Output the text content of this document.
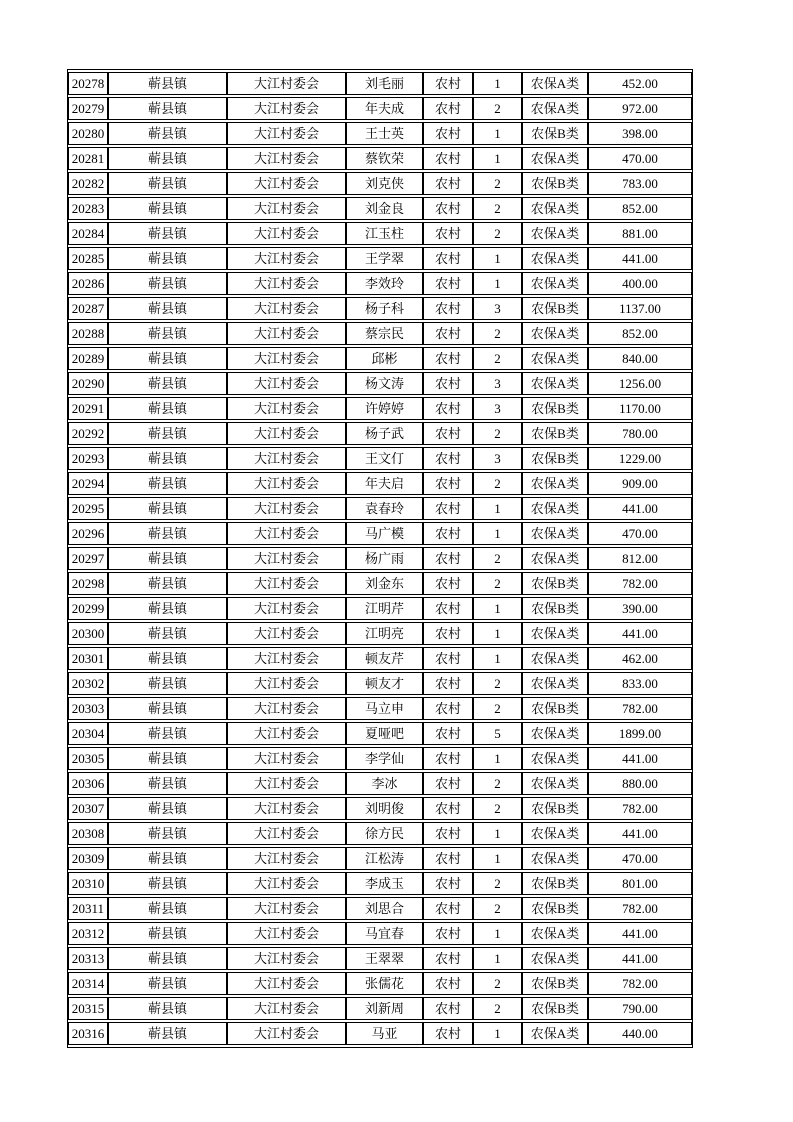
20278	蕲县镇	大江村委会	刘毛丽	农村	1	农保A类	452.00
20279	蕲县镇	大江村委会	年夫成	农村	2	农保A类	972.00
20280	蕲县镇	大江村委会	王士英	农村	1	农保B类	398.00
20281	蕲县镇	大江村委会	蔡钦荣	农村	1	农保A类	470.00
20282	蕲县镇	大江村委会	刘克侠	农村	2	农保B类	783.00
20283	蕲县镇	大江村委会	刘金良	农村	2	农保A类	852.00
20284	蕲县镇	大江村委会	江玉柱	农村	2	农保A类	881.00
20285	蕲县镇	大江村委会	王学翠	农村	1	农保A类	441.00
20286	蕲县镇	大江村委会	李效玲	农村	1	农保A类	400.00
20287	蕲县镇	大江村委会	杨子科	农村	3	农保B类	1137.00
20288	蕲县镇	大江村委会	蔡宗民	农村	2	农保A类	852.00
20289	蕲县镇	大江村委会	邱彬	农村	2	农保A类	840.00
20290	蕲县镇	大江村委会	杨文涛	农村	3	农保A类	1256.00
20291	蕲县镇	大江村委会	许婷婷	农村	3	农保B类	1170.00
20292	蕲县镇	大江村委会	杨子武	农村	2	农保B类	780.00
20293	蕲县镇	大江村委会	王文仃	农村	3	农保B类	1229.00
20294	蕲县镇	大江村委会	年夫启	农村	2	农保A类	909.00
20295	蕲县镇	大江村委会	袁春玲	农村	1	农保A类	441.00
20296	蕲县镇	大江村委会	马广模	农村	1	农保A类	470.00
20297	蕲县镇	大江村委会	杨广雨	农村	2	农保A类	812.00
20298	蕲县镇	大江村委会	刘金东	农村	2	农保B类	782.00
20299	蕲县镇	大江村委会	江明芹	农村	1	农保B类	390.00
20300	蕲县镇	大江村委会	江明亮	农村	1	农保A类	441.00
20301	蕲县镇	大江村委会	顿友芹	农村	1	农保A类	462.00
20302	蕲县镇	大江村委会	顿友才	农村	2	农保A类	833.00
20303	蕲县镇	大江村委会	马立申	农村	2	农保B类	782.00
20304	蕲县镇	大江村委会	夏哑吧	农村	5	农保A类	1899.00
20305	蕲县镇	大江村委会	李学仙	农村	1	农保A类	441.00
20306	蕲县镇	大江村委会	李冰	农村	2	农保A类	880.00
20307	蕲县镇	大江村委会	刘明俊	农村	2	农保B类	782.00
20308	蕲县镇	大江村委会	徐方民	农村	1	农保A类	441.00
20309	蕲县镇	大江村委会	江松涛	农村	1	农保A类	470.00
20310	蕲县镇	大江村委会	李成玉	农村	2	农保B类	801.00
20311	蕲县镇	大江村委会	刘思合	农村	2	农保B类	782.00
20312	蕲县镇	大江村委会	马宜春	农村	1	农保A类	441.00
20313	蕲县镇	大江村委会	王翠翠	农村	1	农保A类	441.00
20314	蕲县镇	大江村委会	张儒花	农村	2	农保B类	782.00
20315	蕲县镇	大江村委会	刘新周	农村	2	农保B类	790.00
20316	蕲县镇	大江村委会	马亚	农村	1	农保A类	440.00
